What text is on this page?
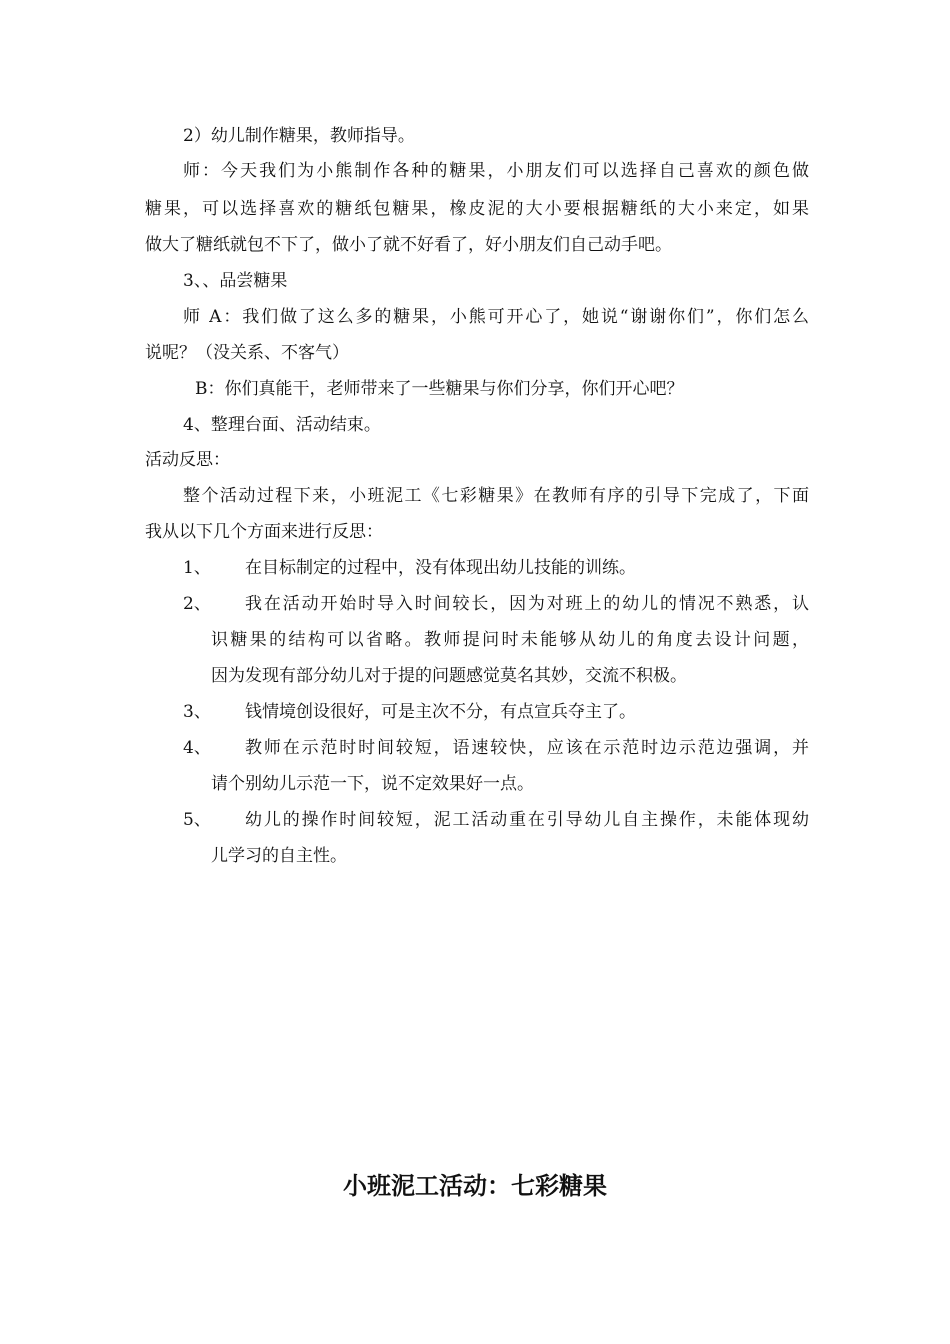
2）幼儿制作糖果，教师指导。

师：今天我们为小熊制作各种的糖果，小朋友们可以选择自己喜欢的颜色做

糖果，可以选择喜欢的糖纸包糖果，橡皮泥的大小要根据糖纸的大小来定，如果

做大了糖纸就包不下了，做小了就不好看了，好小朋友们自己动手吧。

3、、品尝糖果

师 A：我们做了这么多的糖果，小熊可开心了，她说“谢谢你们”，你们怎么

说呢？（没关系、不客气）

B：你们真能干，老师带来了一些糖果与你们分享，你们开心吧？

4、整理台面、活动结束。

活动反思：

整个活动过程下来，小班泥工《七彩糖果》在教师有序的引导下完成了，下面

我从以下几个方面来进行反思：

1、 在目标制定的过程中，没有体现出幼儿技能的训练。

2、 我在活动开始时导入时间较长，因为对班上的幼儿的情况不熟悉，认

识糖果的结构可以省略。教师提问时未能够从幼儿的角度去设计问题，

因为发现有部分幼儿对于提的问题感觉莫名其妙，交流不积极。

3、 钱情境创设很好，可是主次不分，有点宣兵夺主了。

4、 教师在示范时时间较短，语速较快，应该在示范时边示范边强调，并

请个别幼儿示范一下，说不定效果好一点。

5、 幼儿的操作时间较短，泥工活动重在引导幼儿自主操作，未能体现幼

儿学习的自主性。

小班泥工活动：七彩糖果
